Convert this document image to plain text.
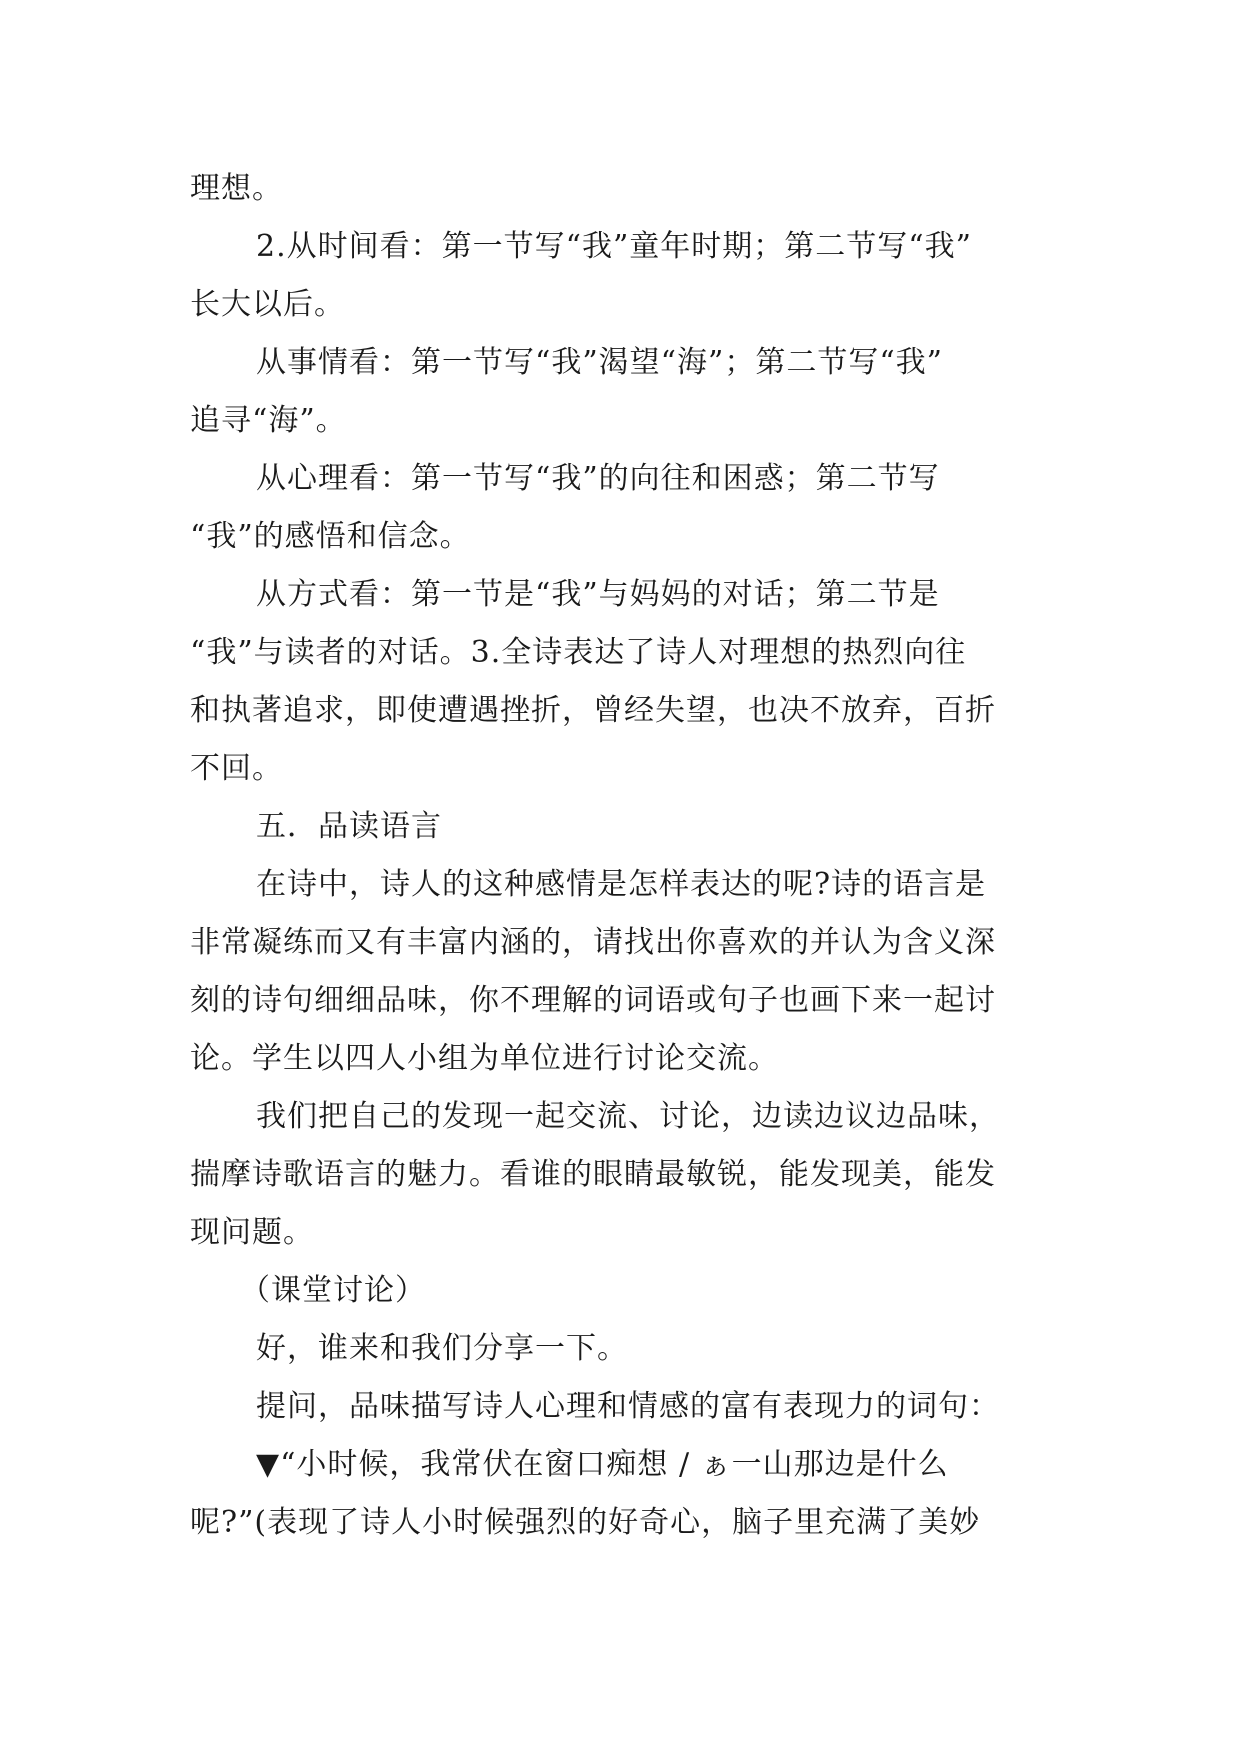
理想。
2.从时间看：第一节写“我”童年时期；第二节写“我”
长大以后。
从事情看：第一节写“我”渴望“海”；第二节写“我”
追寻“海”。
从心理看：第一节写“我”的向往和困惑；第二节写
“我”的感悟和信念。
从方式看：第一节是“我”与妈妈的对话；第二节是
“我”与读者的对话。3.全诗表达了诗人对理想的热烈向往
和执著追求，即使遭遇挫折，曾经失望，也决不放弃，百折
不回。
五．品读语言
在诗中，诗人的这种感情是怎样表达的呢?诗的语言是
非常凝练而又有丰富内涵的，请找出你喜欢的并认为含义深
刻的诗句细细品味，你不理解的词语或句子也画下来一起讨
论。学生以四人小组为单位进行讨论交流。
我们把自己的发现一起交流、讨论，边读边议边品味，
揣摩诗歌语言的魅力。看谁的眼睛最敏锐，能发现美，能发
现问题。
（课堂讨论）
好，谁来和我们分享一下。
提问，品味描写诗人心理和情感的富有表现力的词句：
▼“小时候，我常伏在窗口痴想 / ぁ一山那边是什么
呢?”(表现了诗人小时候强烈的好奇心，脑子里充满了美妙
